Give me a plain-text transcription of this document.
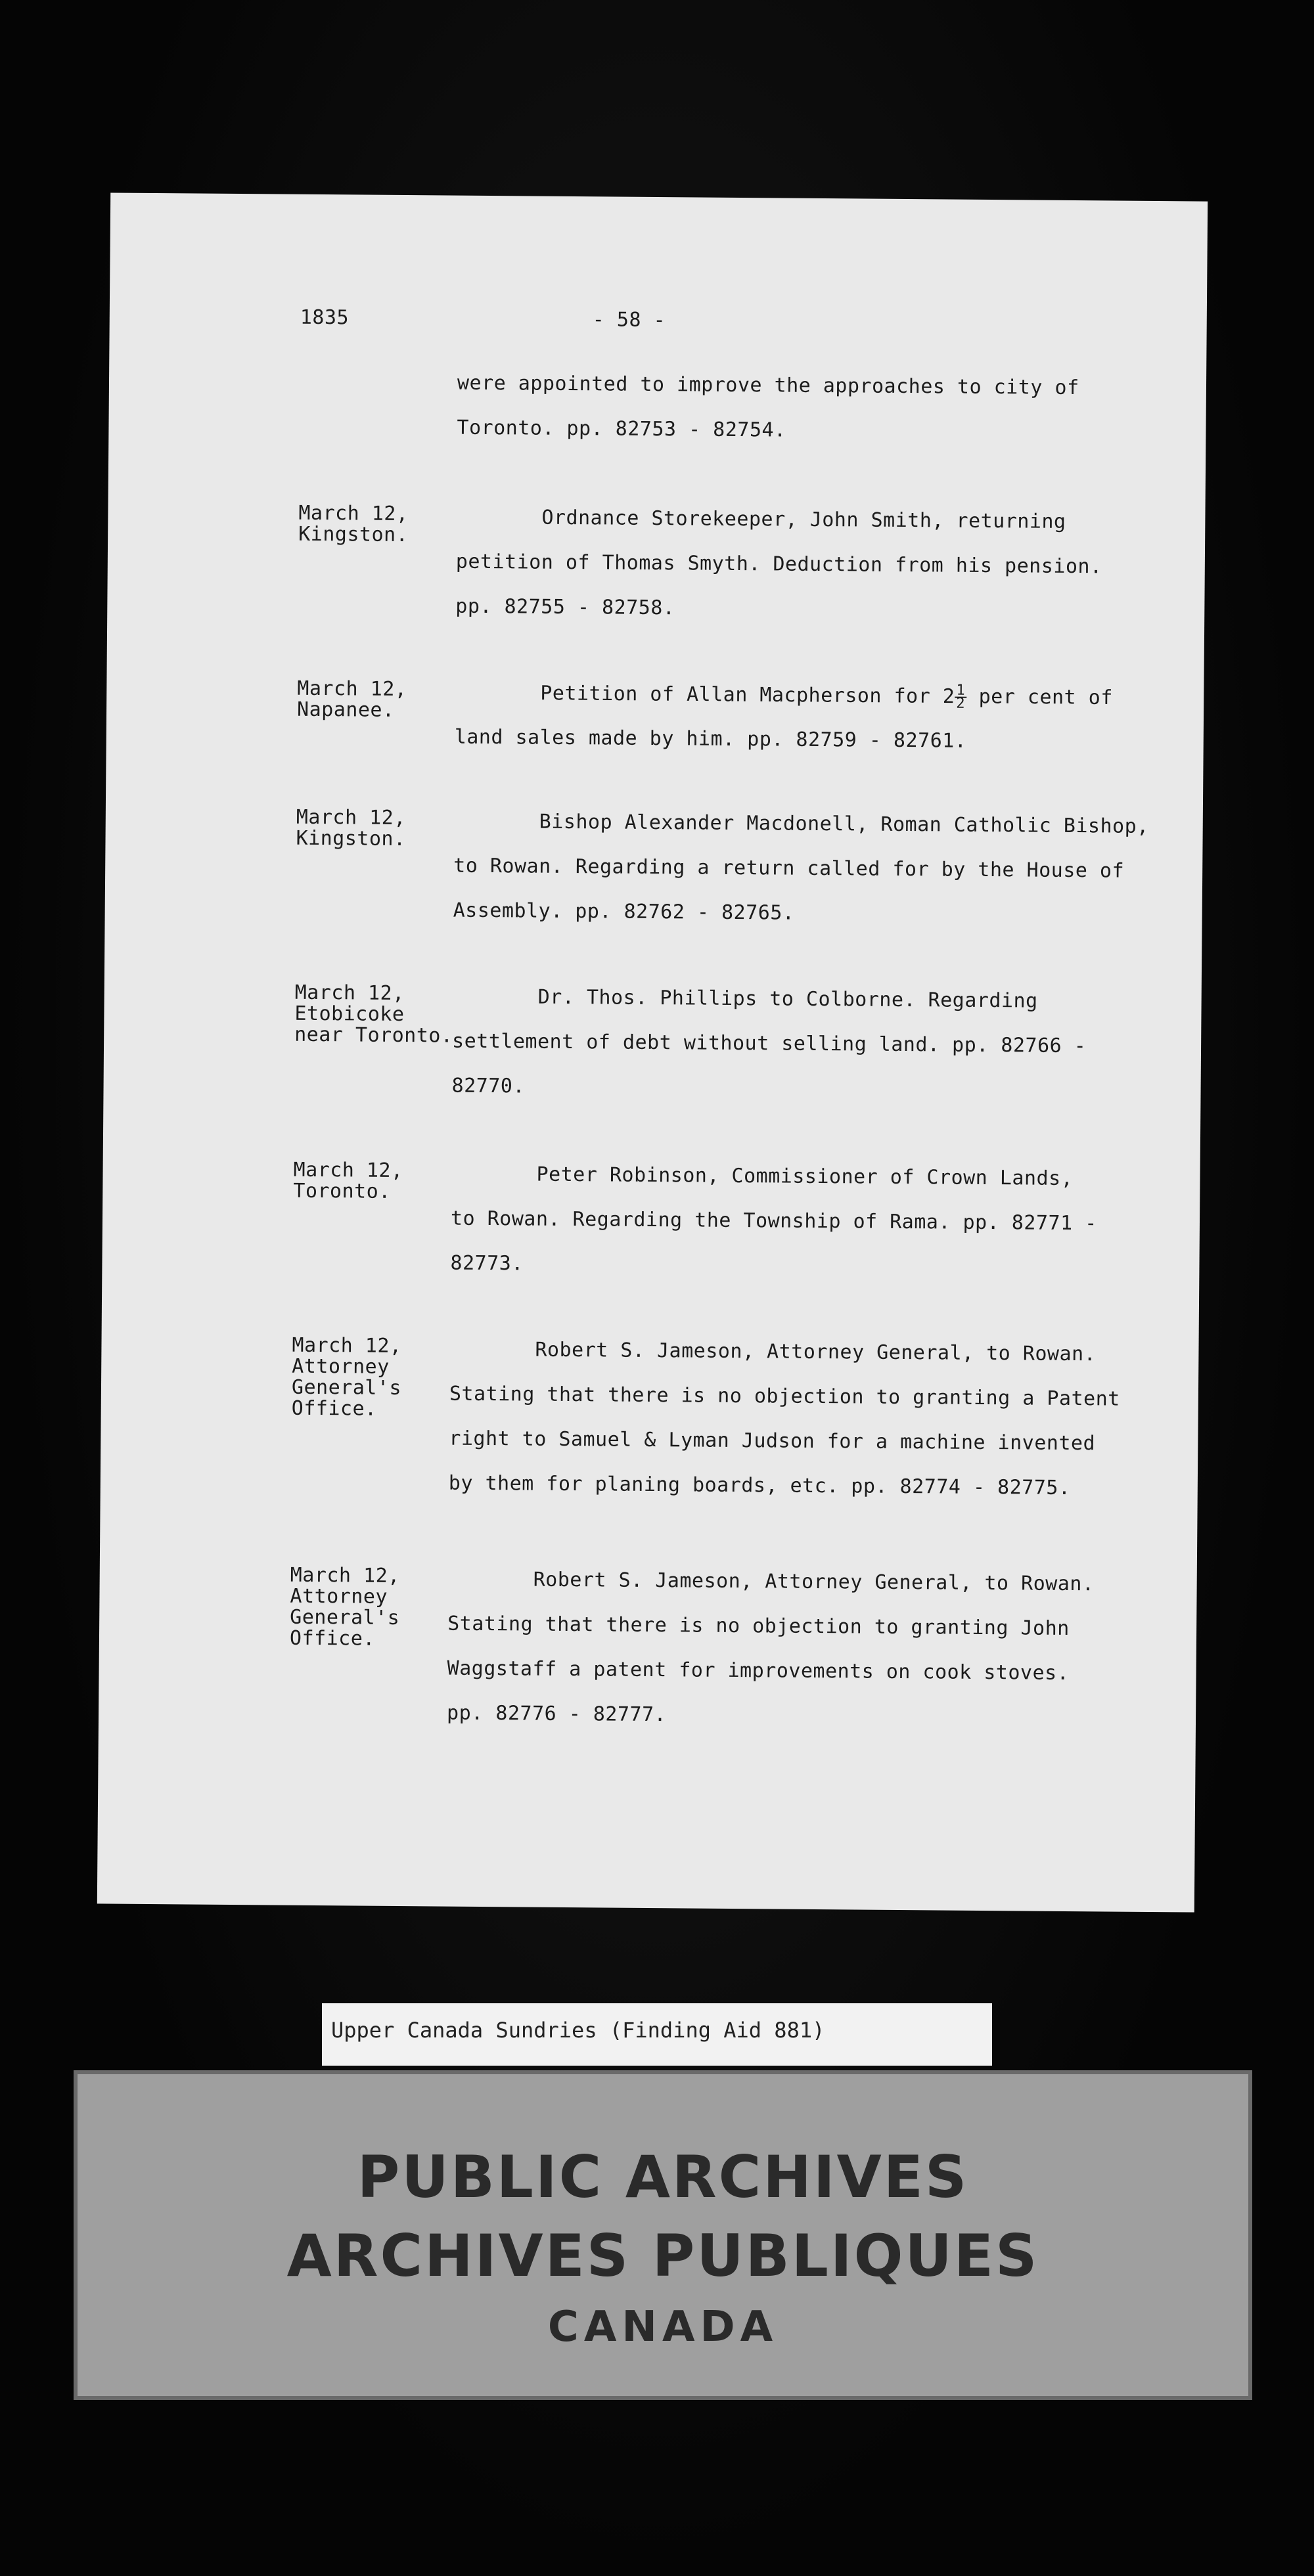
1835	- 58 -
were appointed to improve the approaches to city of
Toronto. pp. 82753 - 82754.
March 12,
Kingston.
Ordnance Storekeeper, John Smith, returning
petition of Thomas Smyth. Deduction from his pension.
pp. 82755 - 82758.
March 12,
Napanee.
Petition of Allan Macpherson for $2 \frac{1}{2}$ per cent of
land sales made by him. pp. 82759 - 82761.
March 12,
Kingston.
Bishop Alexander Macdonell, Roman Catholic Bishop,
to Rowan. Regarding a return called for by the House of
Assembly. pp. 82762 - 82765.
March 12,
Etobicoke
near Toronto.
Dr. Thos. Phillips to Colborne. Regarding
settlement of debt without selling land. pp. 82766 -
82770.
March 12,
Toronto.
Peter Robinson, Commissioner of Crown Lands,
to Rowan. Regarding the Township of Rama. pp. 82771 -
82773.
March 12,
Attorney
General's
Office.
Robert S. Jameson, Attorney General, to Rowan.
Stating that there is no objection to granting a Patent
right to Samuel & Lyman Judson for a machine invented
by them for planing boards, etc. pp. 82774 - 82775.
March 12,
Attorney
General's
Office.
Robert S. Jameson, Attorney General, to Rowan.
Stating that there is no objection to granting John
Waggstaff a patent for improvements on cook stoves.
pp. 82776 - 82777.
Upper Canada Sundries (Finding Aid 881)
PUBLIC ARCHIVES
ARCHIVES PUBLIQUES
CANADA
